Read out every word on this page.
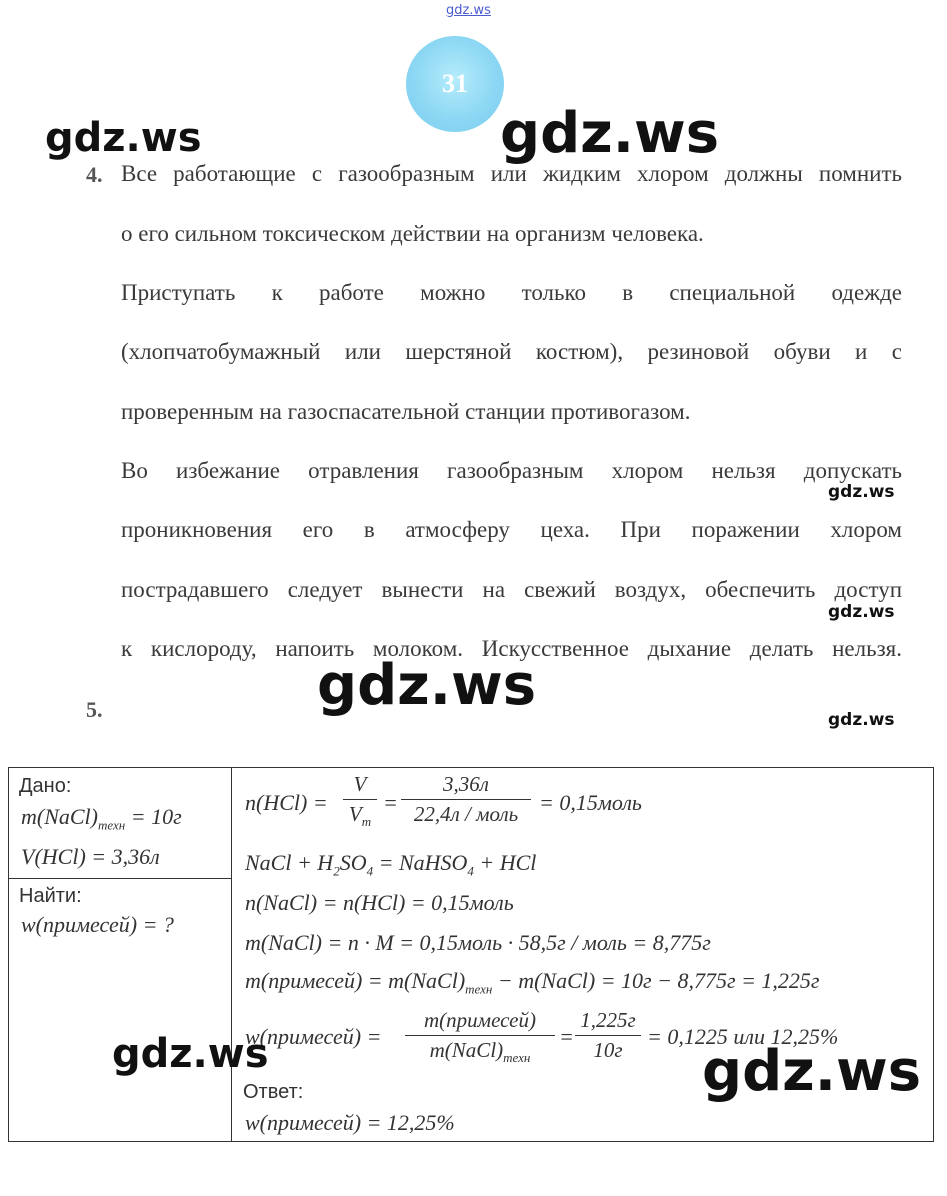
gdz.ws
gdz.ws	gdz.ws
gdz.ws
gdz.ws
gdz.ws
gdz.ws
31
4. Все работающие с газообразным или жидким хлором должны помнить
о его сильном токсическом действии на организм человека.
Приступать к работе можно только в специальной одежде
(хлопчатобумажный или шерстяной костюм), резиновой обуви и с
проверенным на газоспасательной станции противогазом.
Во избежание отравления газообразным хлором нельзя допускать
проникновения его в атмосферу цеха. При поражении хлором
пострадавшего следует вынести на свежий воздух, обеспечить доступ
к кислороду, напоить молоком. Искусственное дыхание делать нельзя.
5.
Дано:
$m(NaCl)_{техн} = 10г$
V(HCl) = 3,36л
Найти:
w(примесей) = ?
n(HCl) =
V
$V_m$
=
3,36л
22,4л / моль = 0,15моль
NaCl + $H_2SO_4$ = NaHSO$_4$ + HCl
n(NaCl) = n(HCl) = 0,15моль
m(NaCl) = n · M = 0,15моль · 58,5г / моль = 8,775г
m(примесей) = $m(NaCl)_{техн}$ − m(NaCl) = 10г − 8,775г = 1,225г
w(примесей) =
m(примесей)
$m(NaCl)_{техн}$
=
1,225г
10г
= 0,1225 или 12,25%
Ответ:
w(примесей) = 12,25%
gdz.ws	gdz.ws
